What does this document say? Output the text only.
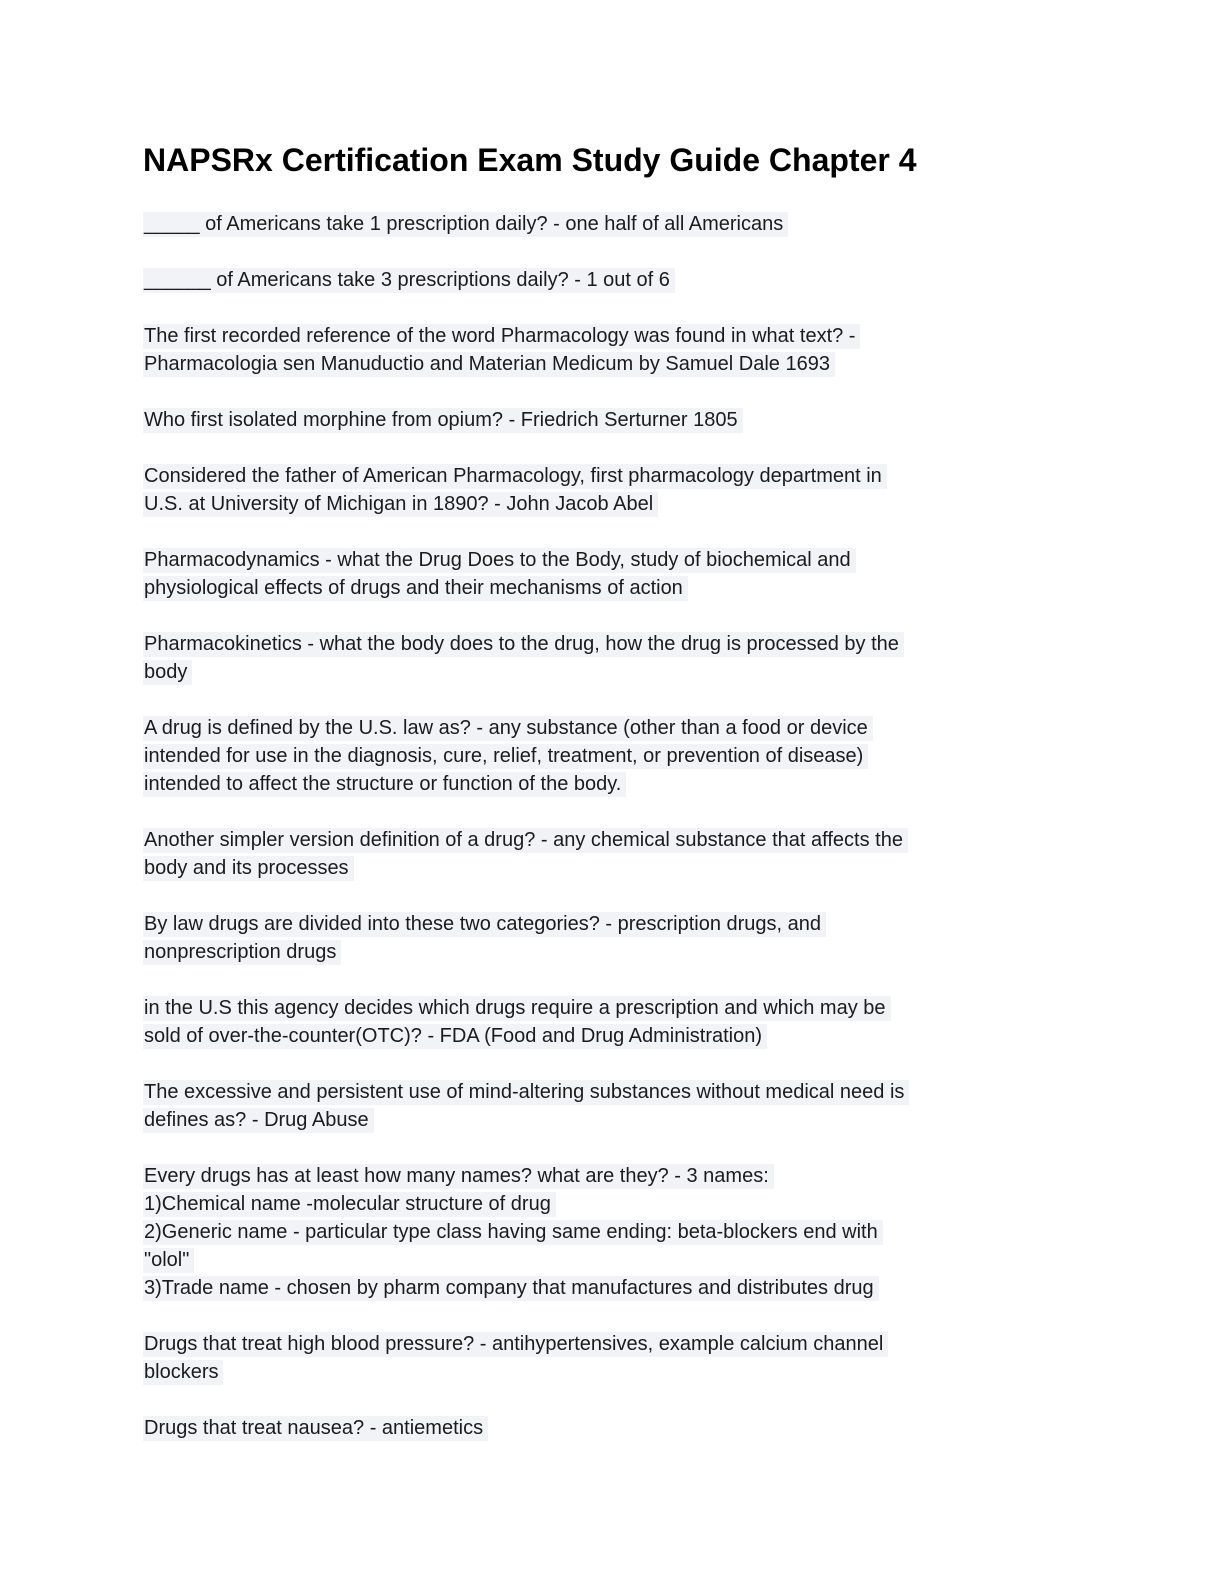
NAPSRx Certification Exam Study Guide Chapter 4

_____ of Americans take 1 prescription daily? - one half of all Americans

______ of Americans take 3 prescriptions daily? - 1 out of 6

The first recorded reference of the word Pharmacology was found in what text? -
Pharmacologia sen Manuductio and Materian Medicum by Samuel Dale 1693

Who first isolated morphine from opium? - Friedrich Serturner 1805

Considered the father of American Pharmacology, first pharmacology department in
U.S. at University of Michigan in 1890? - John Jacob Abel

Pharmacodynamics - what the Drug Does to the Body, study of biochemical and
physiological effects of drugs and their mechanisms of action

Pharmacokinetics - what the body does to the drug, how the drug is processed by the
body

A drug is defined by the U.S. law as? - any substance (other than a food or device
intended for use in the diagnosis, cure, relief, treatment, or prevention of disease)
intended to affect the structure or function of the body.

Another simpler version definition of a drug? - any chemical substance that affects the
body and its processes

By law drugs are divided into these two categories? - prescription drugs, and
nonprescription drugs

in the U.S this agency decides which drugs require a prescription and which may be
sold of over-the-counter(OTC)? - FDA (Food and Drug Administration)

The excessive and persistent use of mind-altering substances without medical need is
defines as? - Drug Abuse

Every drugs has at least how many names? what are they? - 3 names:
1)Chemical name -molecular structure of drug
2)Generic name - particular type class having same ending: beta-blockers end with
"olol"
3)Trade name - chosen by pharm company that manufactures and distributes drug

Drugs that treat high blood pressure? - antihypertensives, example calcium channel
blockers

Drugs that treat nausea? - antiemetics
